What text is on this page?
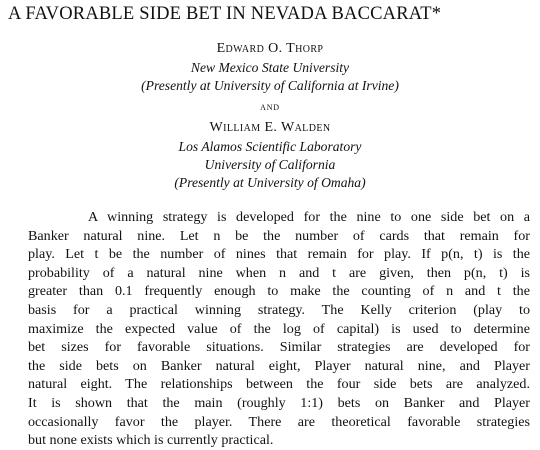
A FAVORABLE SIDE BET IN NEVADA BACCARAT*
Edward O. Thorp
New Mexico State University
(Presently at University of California at Irvine)
and
William E. Walden
Los Alamos Scientific Laboratory
University of California
(Presently at University of Omaha)
A winning strategy is developed for the nine to one side bet on a
Banker natural nine. Let n be the number of cards that remain for
play. Let t be the number of nines that remain for play. If p(n, t) is the
probability of a natural nine when n and t are given, then p(n, t) is
greater than 0.1 frequently enough to make the counting of n and t the
basis for a practical winning strategy. The Kelly criterion (play to
maximize the expected value of the log of capital) is used to determine
bet sizes for favorable situations. Similar strategies are developed for
the side bets on Banker natural eight, Player natural nine, and Player
natural eight. The relationships between the four side bets are analyzed.
It is shown that the main (roughly 1:1) bets on Banker and Player
occasionally favor the player. There are theoretical favorable strategies
but none exists which is currently practical.
